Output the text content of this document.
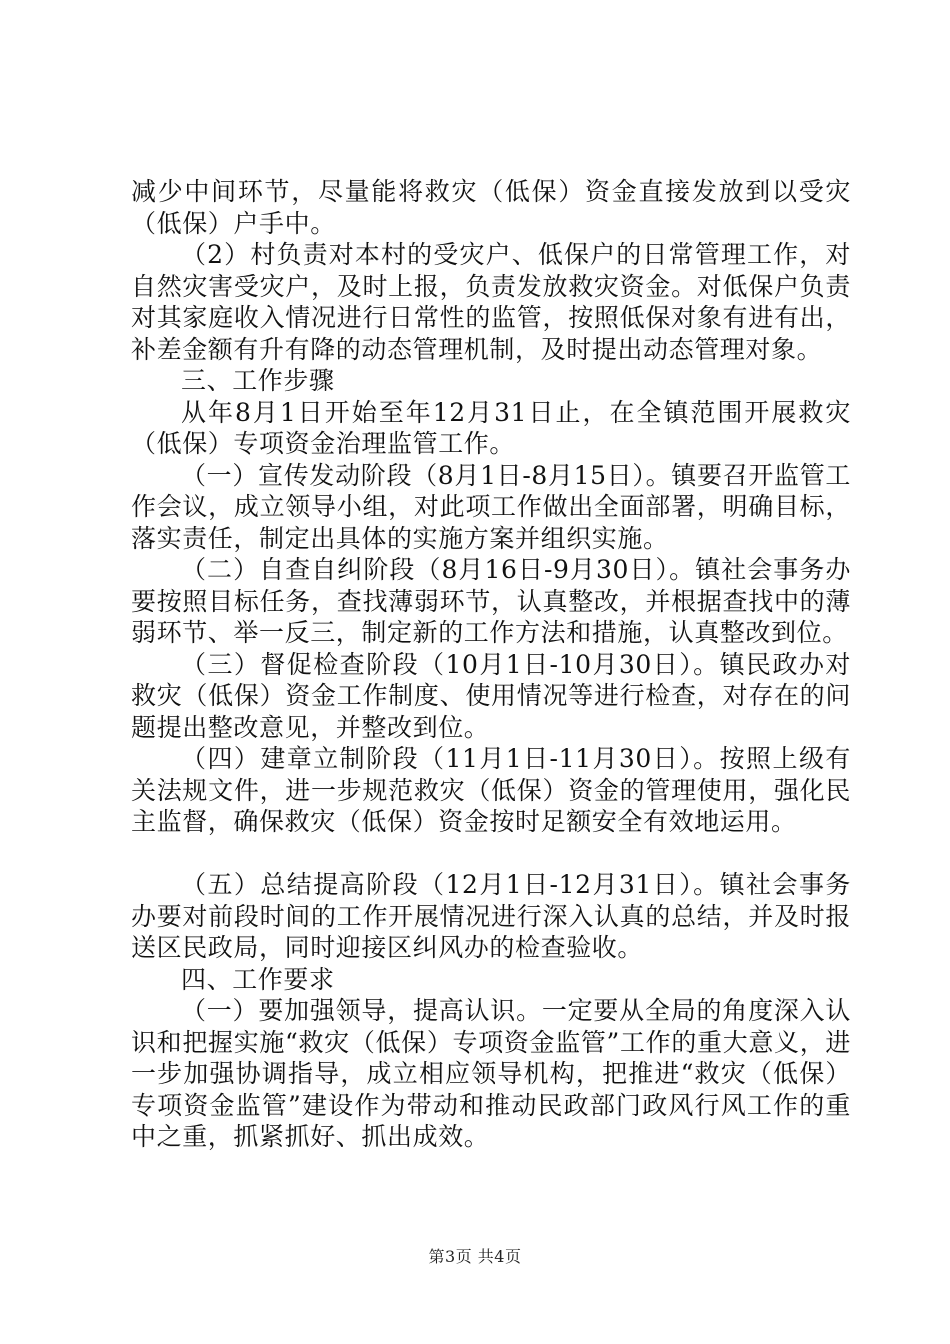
减少中间环节，尽量能将救灾（低保）资金直接发放到以受灾（低保）户手中。

（2）村负责对本村的受灾户、低保户的日常管理工作，对自然灾害受灾户，及时上报，负责发放救灾资金。对低保户负责对其家庭收入情况进行日常性的监管，按照低保对象有进有出，补差金额有升有降的动态管理机制，及时提出动态管理对象。

三、工作步骤

从年8月1日开始至年12月31日止，在全镇范围开展救灾（低保）专项资金治理监管工作。

（一）宣传发动阶段（8月1日-8月15日）。镇要召开监管工作会议，成立领导小组，对此项工作做出全面部署，明确目标，落实责任，制定出具体的实施方案并组织实施。

（二）自查自纠阶段（8月16日-9月30日）。镇社会事务办要按照目标任务，查找薄弱环节，认真整改，并根据查找中的薄弱环节、举一反三，制定新的工作方法和措施，认真整改到位。

（三）督促检查阶段（10月1日-10月30日）。镇民政办对救灾（低保）资金工作制度、使用情况等进行检查，对存在的问题提出整改意见，并整改到位。

（四）建章立制阶段（11月1日-11月30日）。按照上级有关法规文件，进一步规范救灾（低保）资金的管理使用，强化民主监督，确保救灾（低保）资金按时足额安全有效地运用。

（五）总结提高阶段（12月1日-12月31日）。镇社会事务办要对前段时间的工作开展情况进行深入认真的总结，并及时报送区民政局，同时迎接区纠风办的检查验收。

四、工作要求

（一）要加强领导，提高认识。一定要从全局的角度深入认识和把握实施“救灾（低保）专项资金监管”工作的重大意义，进一步加强协调指导，成立相应领导机构，把推进“救灾（低保）专项资金监管”建设作为带动和推动民政部门政风行风工作的重中之重，抓紧抓好、抓出成效。

第3页 共4页
